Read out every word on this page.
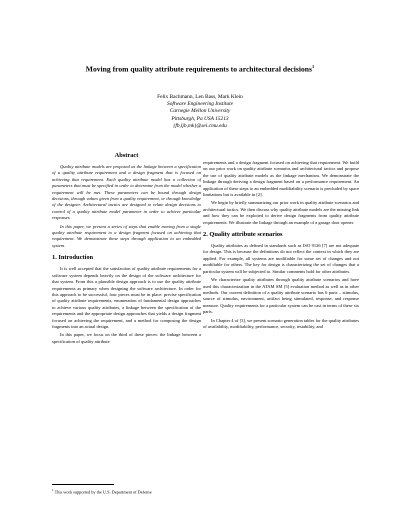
Moving from quality attribute requirements to architectural decisions$^1$
Felix Bachmann, Len Bass, Mark Klein
Software Engineering Institute
Carnegie Mellon University
Pittsburgh, Pa USA 15213
{fb,ljb,mk}@sei.cmu.edu
Abstract

Quality attribute models are proposed as the linkage between a specification of a quality attribute requirement and a design fragment that is focused on achieving that requirement. Each quality attribute model has a collection of parameters that must be specified in order to determine from the model whether a requirement will be met. These parameters can be bound through design decisions, through values given from a quality requirement, or through knowledge of the designer. Architectural tactics are designed to relate design decisions to control of a quality attribute model parameter in order to achieve particular responses.

In this paper, we present a series of steps that enable moving from a single quality attribute requirement to a design fragment focused on achieving that requirement. We demonstrate these steps through application to an embedded system.

1. Introduction

It is well accepted that the satisfaction of quality attribute requirements for a software system depends heavily on the design of the software architecture for that system. From this a plausible design approach is to use the quality attribute requirements as primary when designing the software architecture. In order for this approach to be successful, four pieces must be in place: precise specification of quality attribute requirements, enumeration of fundamental design approaches to achieve various quality attributes, a linkage between the specification of the requirements and the appropriate design approaches that yields a design fragment focused on achieving the requirement, and a method for composing the design fragments into an actual design.

In this paper, we focus on the third of these pieces: the linkage between a specification of quality attribute

$^1$ This work supported by the U.S. Department of Defense

requirements and a design fragment focused on achieving that requirement. We build on our prior work on quality attribute scenarios and architectural tactics and propose the use of quality attribute models as the linkage mechanism. We demonstrate the linkage through deriving a design fragment based on a performance requirement. An application of these steps to an embedded modifiability scenario is precluded by space limitations but is available in [2].

We begin by briefly summarizing our prior work in quality attribute scenarios and architectural tactics. We then discuss why quality attribute models are the missing link and how they can be exploited to derive design fragments from quality attribute requirements. We illustrate the linkage through an example of a garage door opener.

2. Quality attribute scenarios

Quality attributes as defined in standards such as ISO 9126 [7] are not adequate for design. This is because the definitions do not reflect the context in which they are applied. For example, all systems are modifiable for some set of changes and not modifiable for others. The key for design is characterizing the set of changes that a particular system will be subjected to. Similar comments hold for other attributes.

We characterize quality attributes through quality attribute scenarios and have used this characterization in the ATAM SM [5] evaluation method as well as in other methods. Our current definition of a quality attribute scenario has 6 parts – stimulus, source of stimulus, environment, artifact being stimulated, response, and response measure. Quality requirements for a particular system can be cast in terms of these six parts.

In Chapter 4 of [3], we present scenario generation tables for the quality attributes of availability, modifiability, performance, security, testability, and
